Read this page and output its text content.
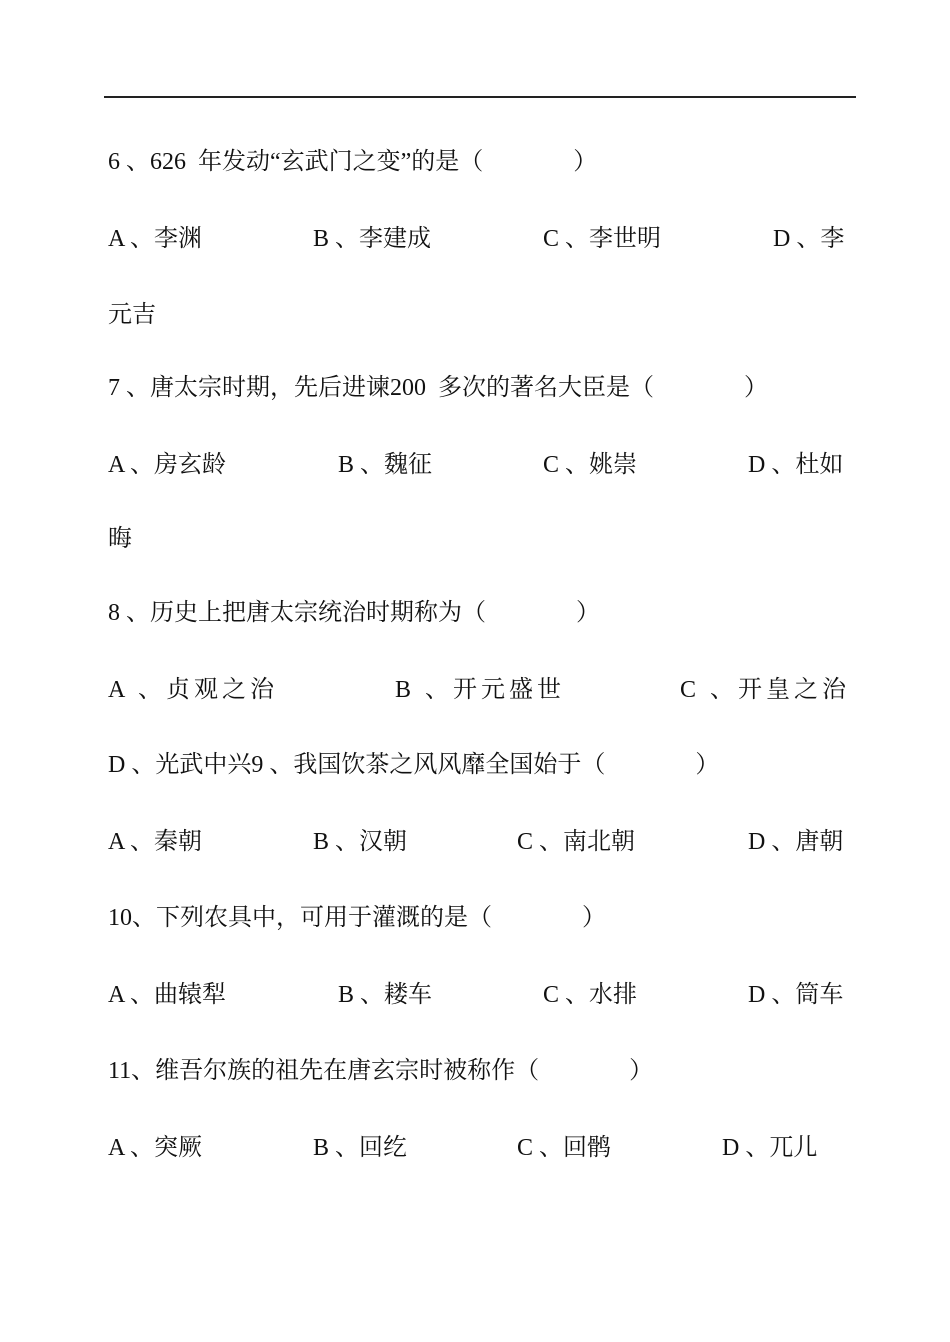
6 、626  年发动“玄武门之变”的是（               ）
A 、李渊	B 、李建成	C 、李世明	D 、李
元吉
7 、唐太宗时期，先后进谏200  多次的著名大臣是（               ）
A 、房玄龄	B 、魏征	C 、姚崇	D 、杜如
晦
8 、历史上把唐太宗统治时期称为（               ）
A 、贞观之治	B 、开元盛世	C 、开皇之治
D 、光武中兴9 、我国饮茶之风风靡全国始于（               ）
A 、秦朝	B 、汉朝	C 、南北朝	D 、唐朝
10、下列农具中，可用于灌溉的是（               ）
A 、曲辕犁	B 、耧车	C 、水排	D 、筒车
11、维吾尔族的祖先在唐玄宗时被称作（               ）
A 、突厥	B 、回纥	C 、回鹘	D 、兀儿
